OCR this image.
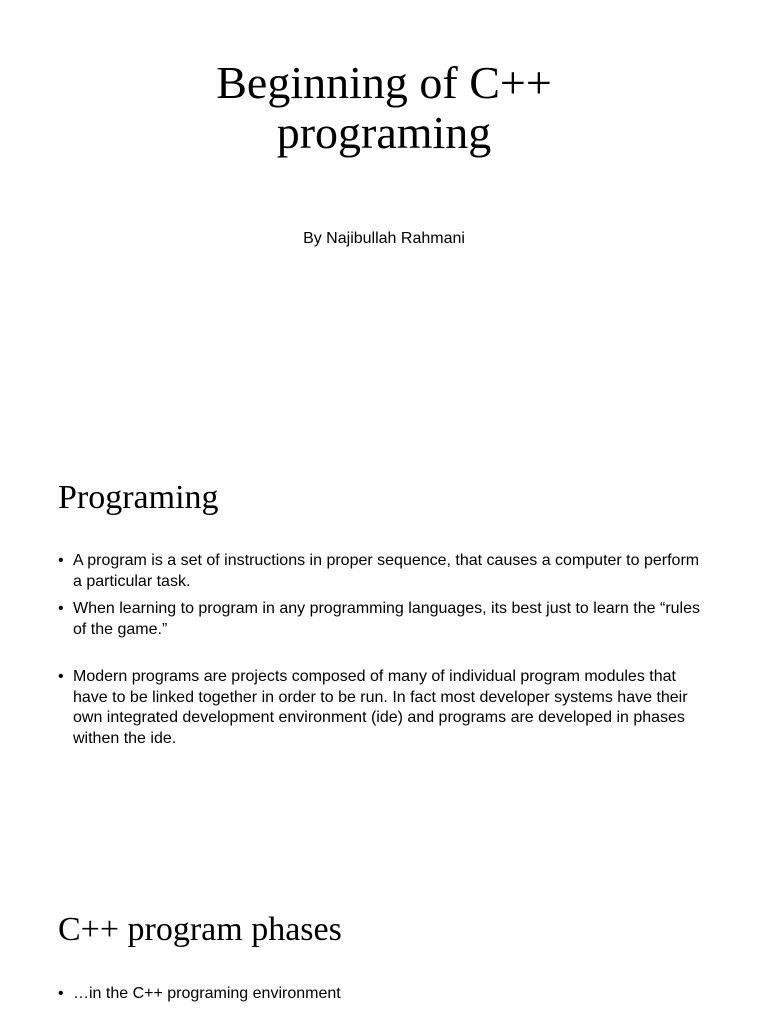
Beginning of C++
programing

By Najibullah Rahmani

Programing
• A program is a set of instructions in proper sequence, that causes a computer to perform a particular task.
• When learning to program in any programming languages, its best just to learn the “rules of the game.”
• Modern programs are projects composed of many of individual program modules that have to be linked together in order to be run. In fact most developer systems have their own integrated development environment (ide) and programs are developed in phases withen the ide.
C++ program phases
• …in the C++ programing environment
